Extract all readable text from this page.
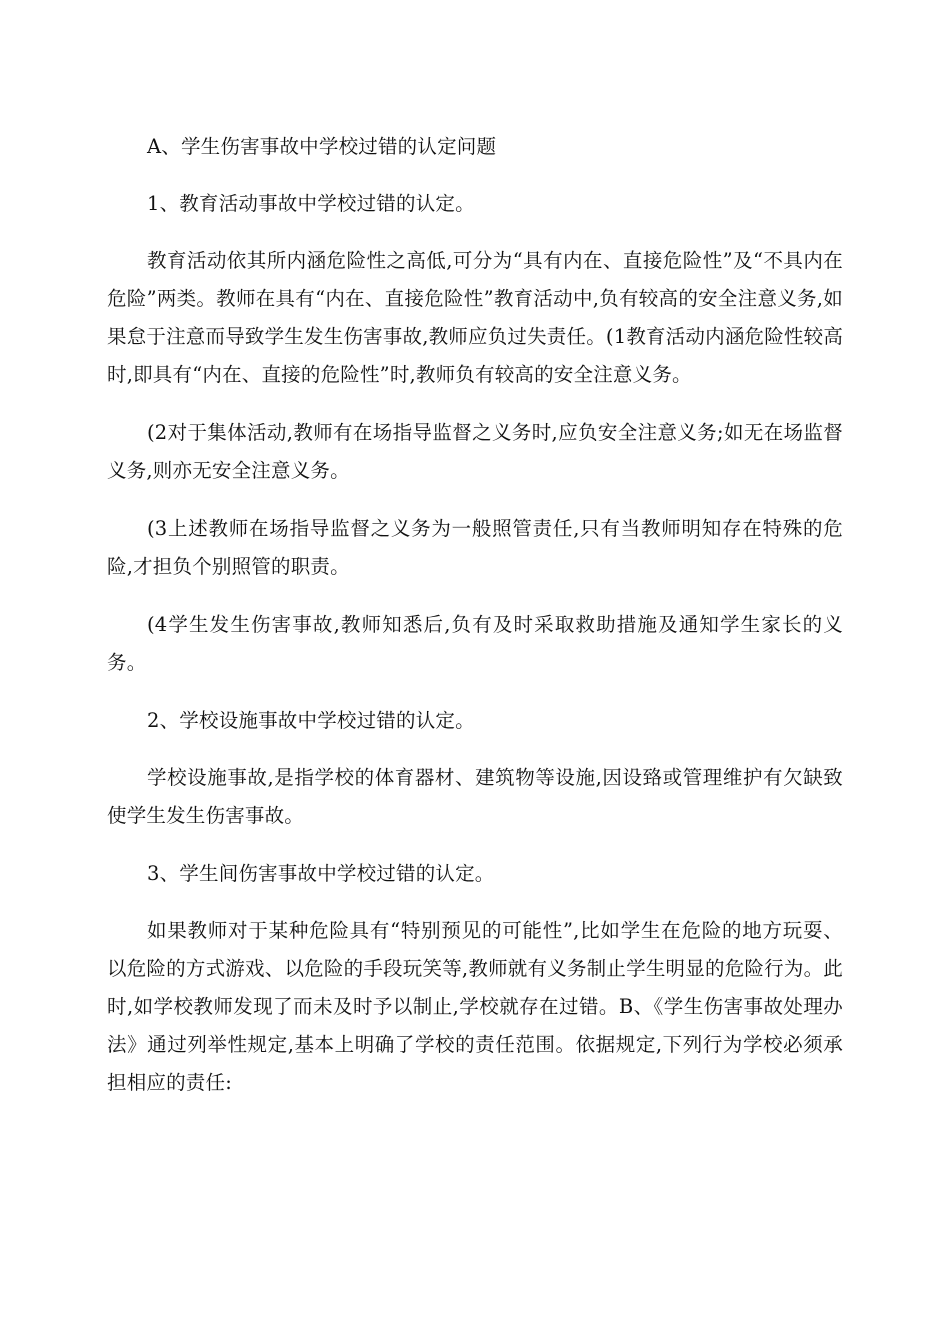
A、学生伤害事故中学校过错的认定问题

1、教育活动事故中学校过错的认定。

教育活动依其所内涵危险性之高低,可分为“具有内在、直接危险性”及“不具内在危险”两类。教师在具有“内在、直接危险性”教育活动中,负有较高的安全注意义务,如果怠于注意而导致学生发生伤害事故,教师应负过失责任。(1教育活动内涵危险性较高时,即具有“内在、直接的危险性”时,教师负有较高的安全注意义务。

(2对于集体活动,教师有在场指导监督之义务时,应负安全注意义务;如无在场监督义务,则亦无安全注意义务。

(3上述教师在场指导监督之义务为一般照管责任,只有当教师明知存在特殊的危险,才担负个别照管的职责。

(4学生发生伤害事故,教师知悉后,负有及时采取救助措施及通知学生家长的义务。

2、学校设施事故中学校过错的认定。

学校设施事故,是指学校的体育器材、建筑物等设施,因设臵或管理维护有欠缺致使学生发生伤害事故。

3、学生间伤害事故中学校过错的认定。

如果教师对于某种危险具有“特别预见的可能性”,比如学生在危险的地方玩耍、以危险的方式游戏、以危险的手段玩笑等,教师就有义务制止学生明显的危险行为。此时,如学校教师发现了而未及时予以制止,学校就存在过错。B、《学生伤害事故处理办法》通过列举性规定,基本上明确了学校的责任范围。依据规定,下列行为学校必须承担相应的责任:
